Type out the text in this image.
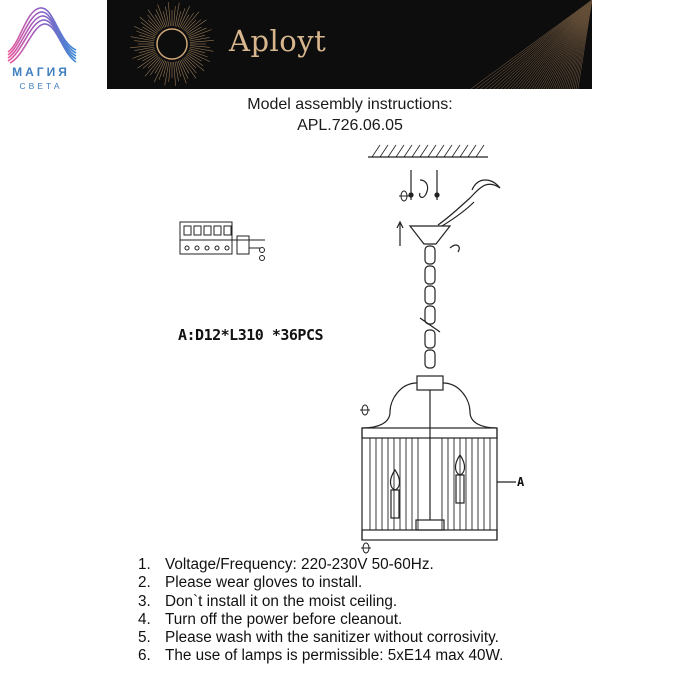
МАГИЯ
СВЕТА
Aployt
Model assembly instructions:
APL.726.06.05
A:D12*L310 *36PCS
A
1. Voltage/Frequency: 220-230V 50-60Hz.
2. Please wear gloves to install.
3. Don`t install it on the moist ceiling.
4. Turn off the power before cleanout.
5. Please wash with the sanitizer without corrosivity.
6. The use of lamps is permissible: 5xE14 max 40W.
